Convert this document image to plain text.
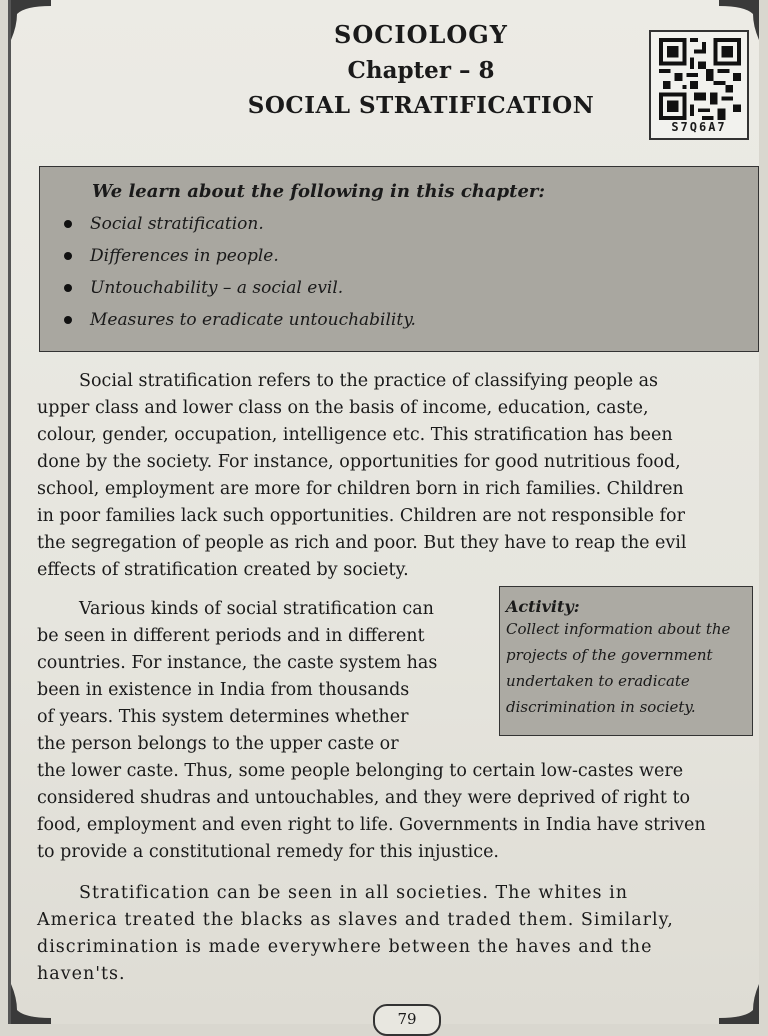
SOCIOLOGY
Chapter – 8
SOCIAL STRATIFICATION
S7Q6A7
We learn about the following in this chapter:
Social stratification.
Differences in people.
Untouchability – a social evil.
Measures to eradicate untouchability.
Social stratification refers to the practice of classifying people as
upper class and lower class on the basis of income, education, caste,
colour, gender, occupation, intelligence etc. This stratification has been
done by the society. For instance, opportunities for good nutritious food,
school, employment are more for children born in rich families. Children
in poor families lack such opportunities. Children are not responsible for
the segregation of people as rich and poor. But they have to reap the evil
effects of stratification created by society.
Various kinds of social stratification can
be seen in different periods and in different
countries. For instance, the caste system has
been in existence in India from thousands
of years. This system determines whether
the person belongs to the upper caste or
the lower caste. Thus, some people belonging to certain low-castes were
considered shudras and untouchables, and they were deprived of right to
food, employment and even right to life. Governments in India have striven
to provide a constitutional remedy for this injustice.
Activity:
Collect information about the
projects of the government
undertaken to eradicate
discrimination in society.
Stratification can be seen in all societies. The whites in
America treated the blacks as slaves and traded them. Similarly,
discrimination is made everywhere between the haves and the
haven'ts.
79
